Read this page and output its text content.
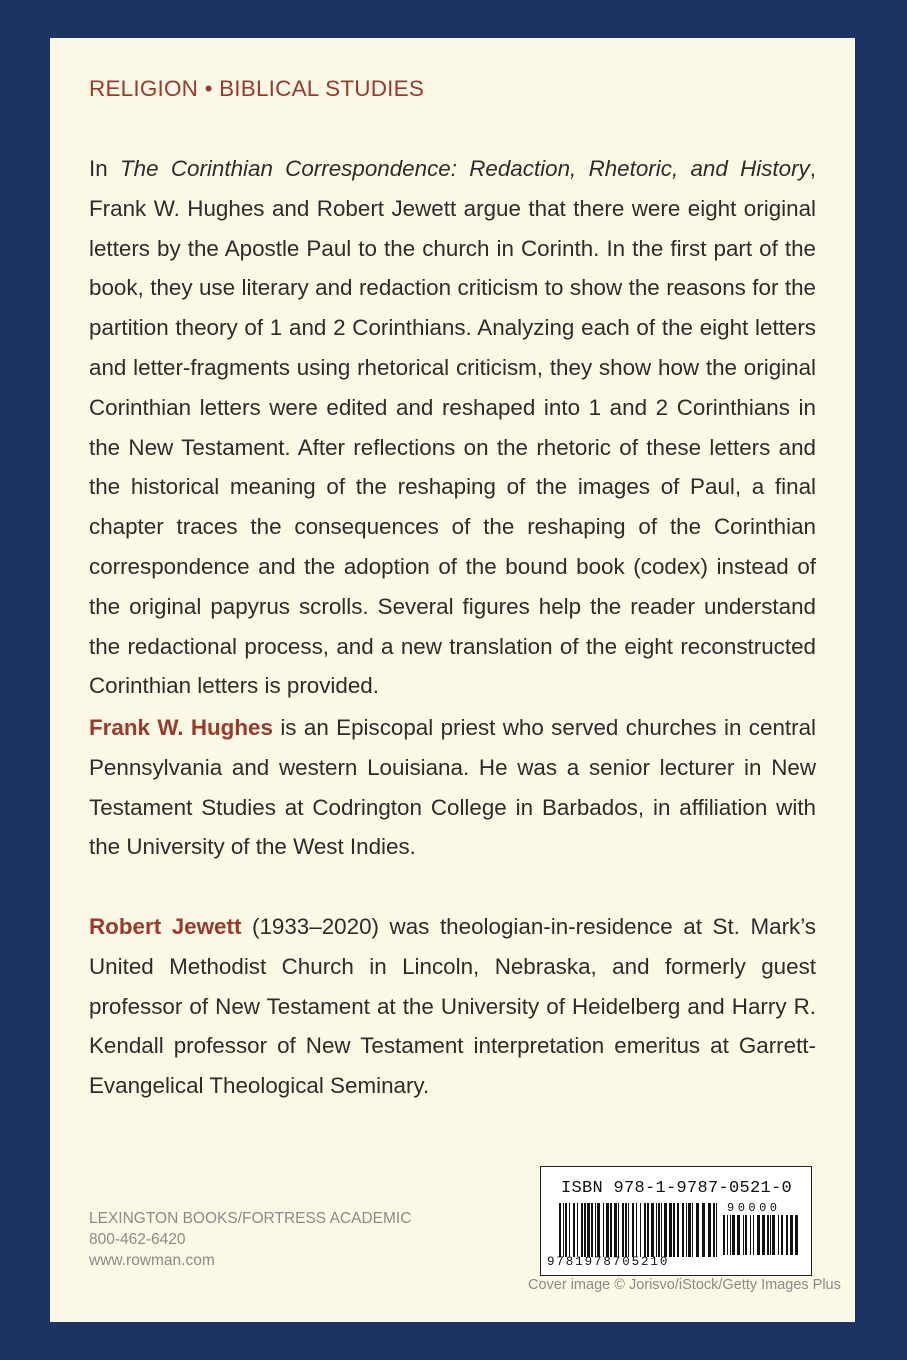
RELIGION • BIBLICAL STUDIES

In The Corinthian Correspondence: Redaction, Rhetoric, and History, Frank W. Hughes and Robert Jewett argue that there were eight original letters by the Apostle Paul to the church in Corinth. In the first part of the book, they use literary and redaction criticism to show the reasons for the partition theory of 1 and 2 Corinthians. Analyzing each of the eight letters and letter-fragments using rhetorical criticism, they show how the original Corinthian letters were edited and reshaped into 1 and 2 Corinthians in the New Testament. After reflections on the rhetoric of these letters and the historical meaning of the reshaping of the images of Paul, a final chapter traces the consequences of the reshaping of the Corinthian correspondence and the adoption of the bound book (codex) instead of the original papyrus scrolls. Several figures help the reader understand the redactional process, and a new translation of the eight reconstructed Corinthian letters is provided.

Frank W. Hughes is an Episcopal priest who served churches in central Pennsylvania and western Louisiana. He was a senior lecturer in New Testament Studies at Codrington College in Barbados, in affiliation with the University of the West Indies.

Robert Jewett (1933–2020) was theologian-in-residence at St. Mark’s United Methodist Church in Lincoln, Nebraska, and formerly guest professor of New Testament at the University of Heidelberg and Harry R. Kendall professor of New Testament interpretation emeritus at Garrett-Evangelical Theological Seminary.

LEXINGTON BOOKS/FORTRESS ACADEMIC
800-462-6420
www.rowman.com
ISBN 978-1-9787-0521-0
90000
9781978705210
Cover image © Jorisvo/iStock/Getty Images Plus
